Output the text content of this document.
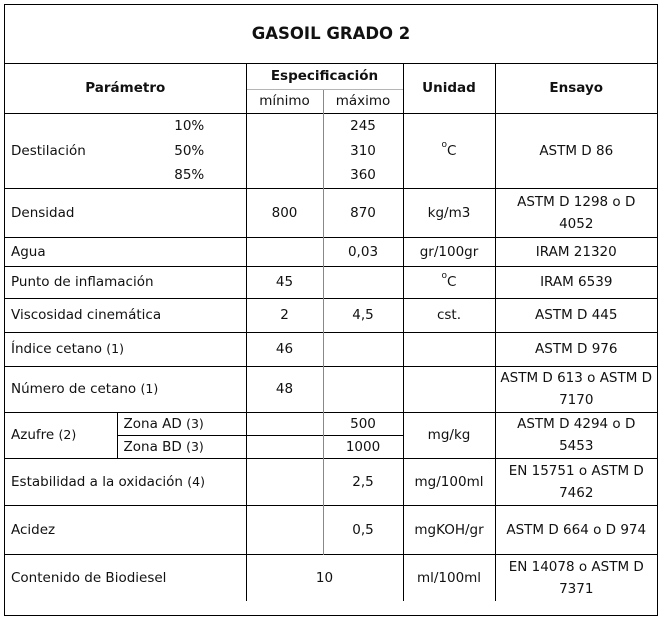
GASOIL GRADO 2
Parámetro		Especificación		Unidad	Ensayo
		mínimo	máximo		
Destilación	10%		245	$^o$C	ASTM D 86
	50%		310		
	85%		360		
Densidad		800	870	kg/m3	ASTM D 1298 o D 4052
Agua			0,03	gr/100gr	IRAM 21320
Punto de inflamación		45		$^o$C	IRAM 6539
Viscosidad cinemática		2	4,5	cst.	ASTM D 445
Índice cetano (1)		46			ASTM D 976
Número de cetano (1)		48			ASTM D 613 o ASTM D 7170
Azufre (2)	Zona AD (3)		500	mg/kg	ASTM D 4294 o D 5453
	Zona BD (3)		1000		
Estabilidad a la oxidación (4)			2,5	mg/100ml	EN 15751 o ASTM D 7462
Acidez			0,5	mgKOH/gr	ASTM D 664 o D 974
Contenido de Biodiesel		10		ml/100ml	EN 14078 o ASTM D 7371
